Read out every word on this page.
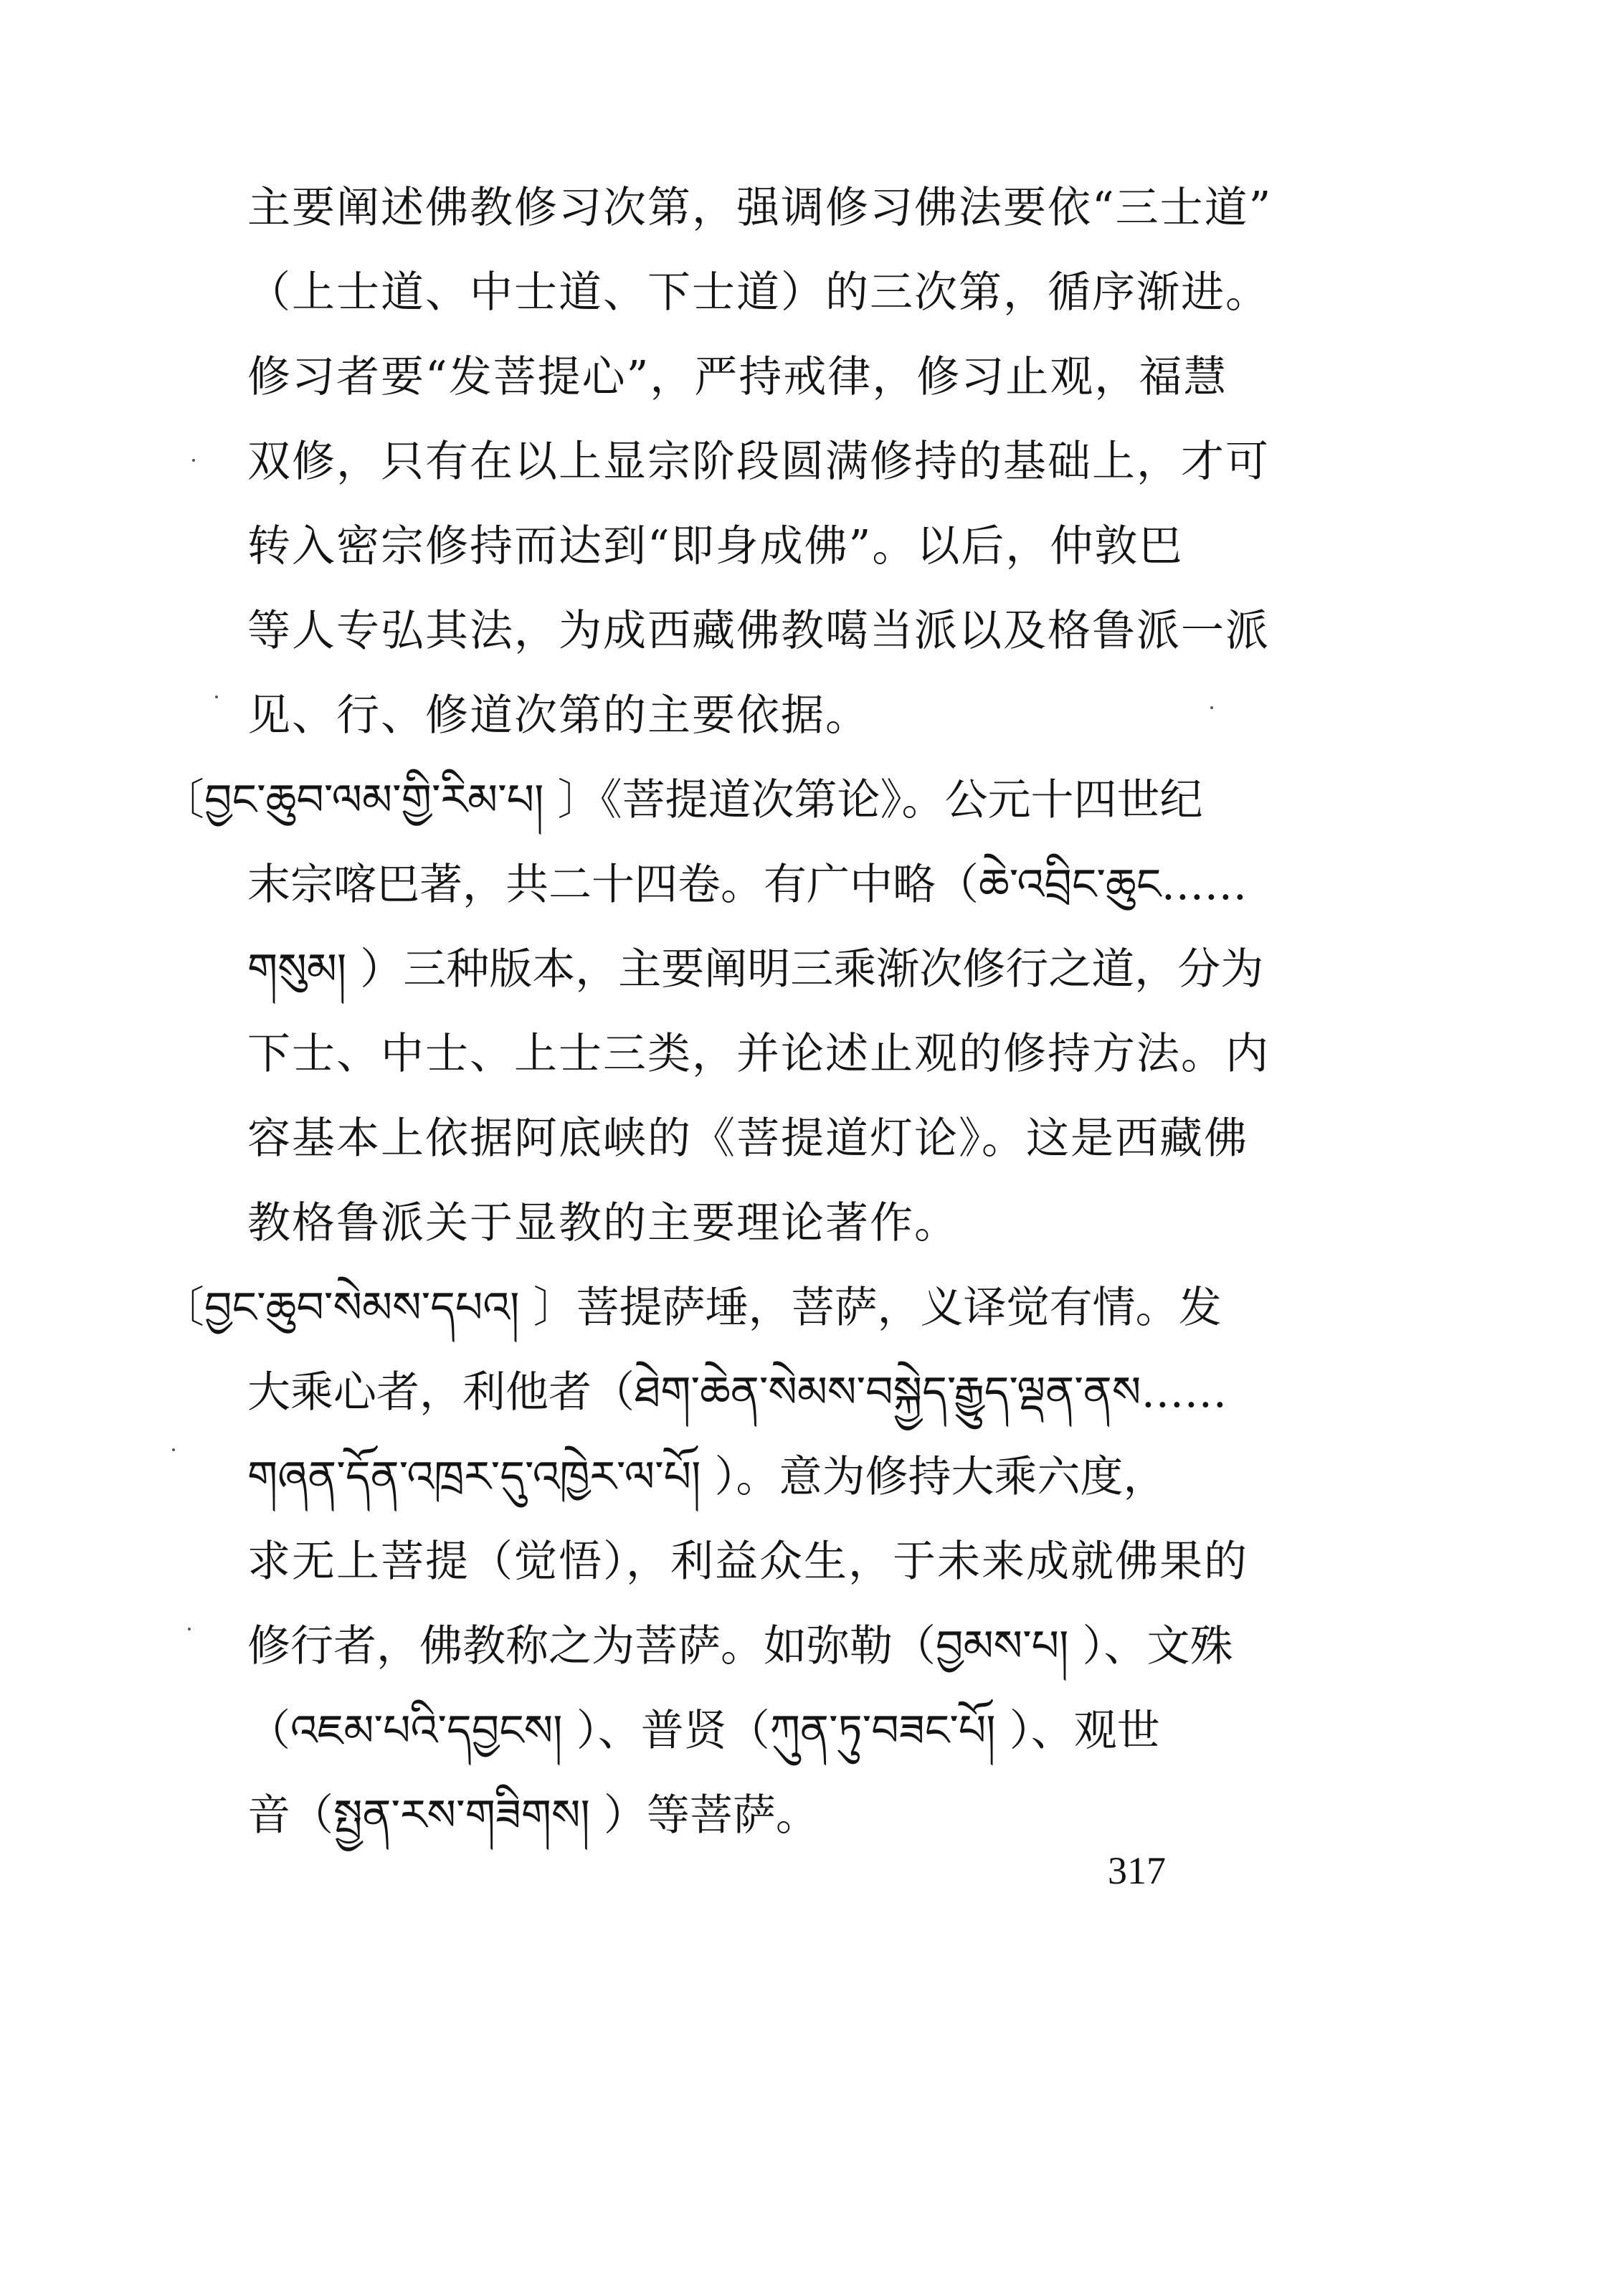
主要阐述佛教修习次第，强调修习佛法要依“三士道”
（上士道、中士道、下士道）的三次第，循序渐进。
修习者要“发菩提心”，严持戒律，修习止观，福慧
双修，只有在以上显宗阶段圆满修持的基础上，才可
转入密宗修持而达到“即身成佛”。以后，仲敦巴
等人专弘其法，为成西藏佛教噶当派以及格鲁派一派
见、行、修道次第的主要依据。
〔བྱང་ཆུབ་ལམ་གྱི་རིམ་པ། 〕《菩提道次第论》。公元十四世纪
末宗喀巴著，共二十四卷。有广中略（ཆེ་འབྲིང་ཆུང……
གསུམ། ）三种版本，主要阐明三乘渐次修行之道，分为
下士、中士、上士三类，并论述止观的修持方法。内
容基本上依据阿底峡的《菩提道灯论》。这是西藏佛
教格鲁派关于显教的主要理论著作。
〔བྱང་ཆུབ་སེམས་དཔའ། 〕菩提萨埵，菩萨，义译觉有情。发
大乘心者，利他者（ཐེག་ཆེན་སེམས་བསྐྱེད་རྒྱུད་ལྡན་ནས……
གཞན་དོན་འཁྲར་དུ་འཁྱེར་ལ་པོ། ）。意为修持大乘六度，
求无上菩提（觉悟），利益众生，于未来成就佛果的
修行者，佛教称之为菩萨。如弥勒（བྱམས་པ། ）、文殊
（འཇམ་པའི་དབྱངས། ）、普贤（ཀུན་ཏུ་བཟང་པོ། ）、观世
音（སྤྱན་རས་གཟིགས། ）等菩萨。
317
